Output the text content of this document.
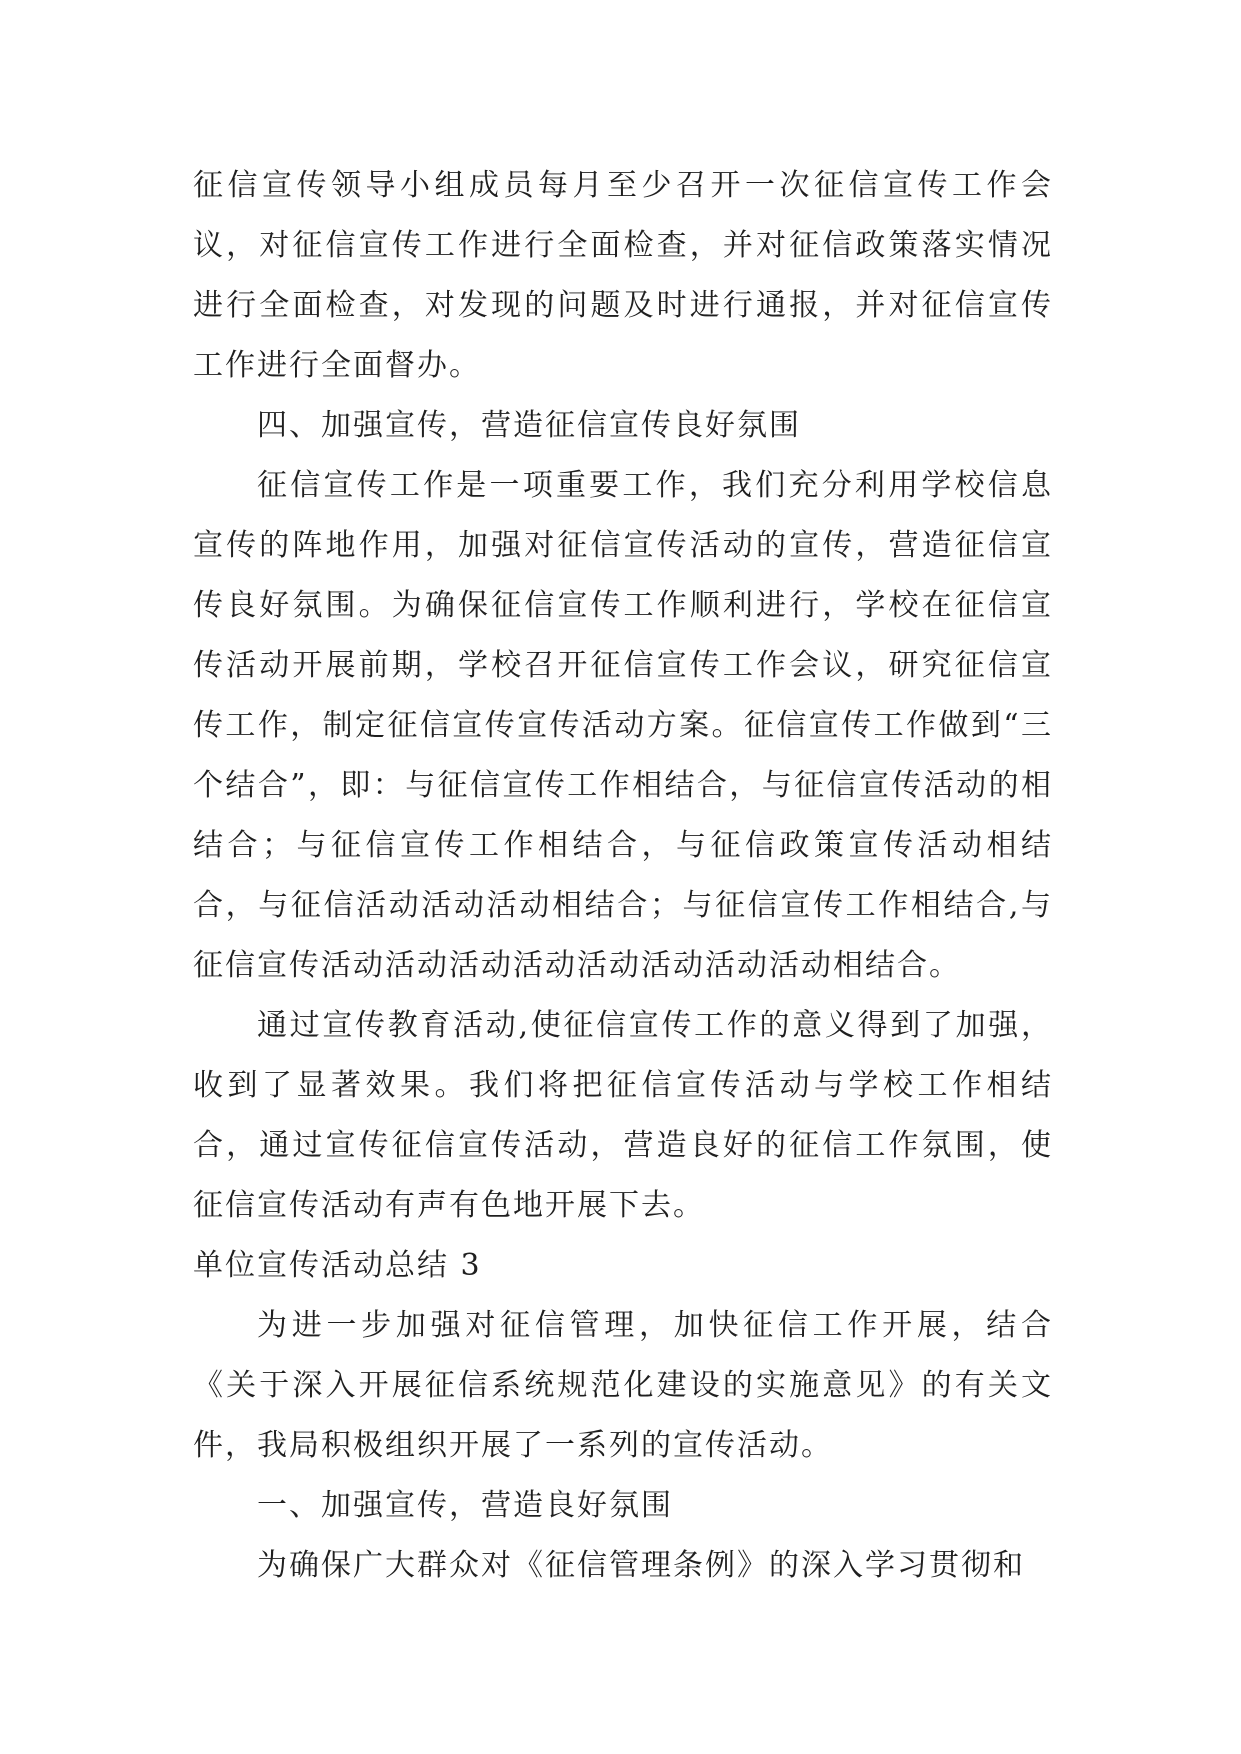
征信宣传领导小组成员每月至少召开一次征信宣传工作会议，对征信宣传工作进行全面检查，并对征信政策落实情况进行全面检查，对发现的问题及时进行通报，并对征信宣传工作进行全面督办。

四、加强宣传，营造征信宣传良好氛围

征信宣传工作是一项重要工作，我们充分利用学校信息宣传的阵地作用，加强对征信宣传活动的宣传，营造征信宣传良好氛围。为确保征信宣传工作顺利进行，学校在征信宣传活动开展前期，学校召开征信宣传工作会议，研究征信宣传工作，制定征信宣传宣传活动方案。征信宣传工作做到“三个结合”，即：与征信宣传工作相结合，与征信宣传活动的相结合；与征信宣传工作相结合，与征信政策宣传活动相结合，与征信活动活动活动相结合；与征信宣传工作相结合,与征信宣传活动活动活动活动活动活动活动活动相结合。

通过宣传教育活动,使征信宣传工作的意义得到了加强，收到了显著效果。我们将把征信宣传活动与学校工作相结合，通过宣传征信宣传活动，营造良好的征信工作氛围，使征信宣传活动有声有色地开展下去。

单位宣传活动总结 3

为进一步加强对征信管理，加快征信工作开展，结合《关于深入开展征信系统规范化建设的实施意见》的有关文件，我局积极组织开展了一系列的宣传活动。

一、加强宣传，营造良好氛围

为确保广大群众对《征信管理条例》的深入学习贯彻和
